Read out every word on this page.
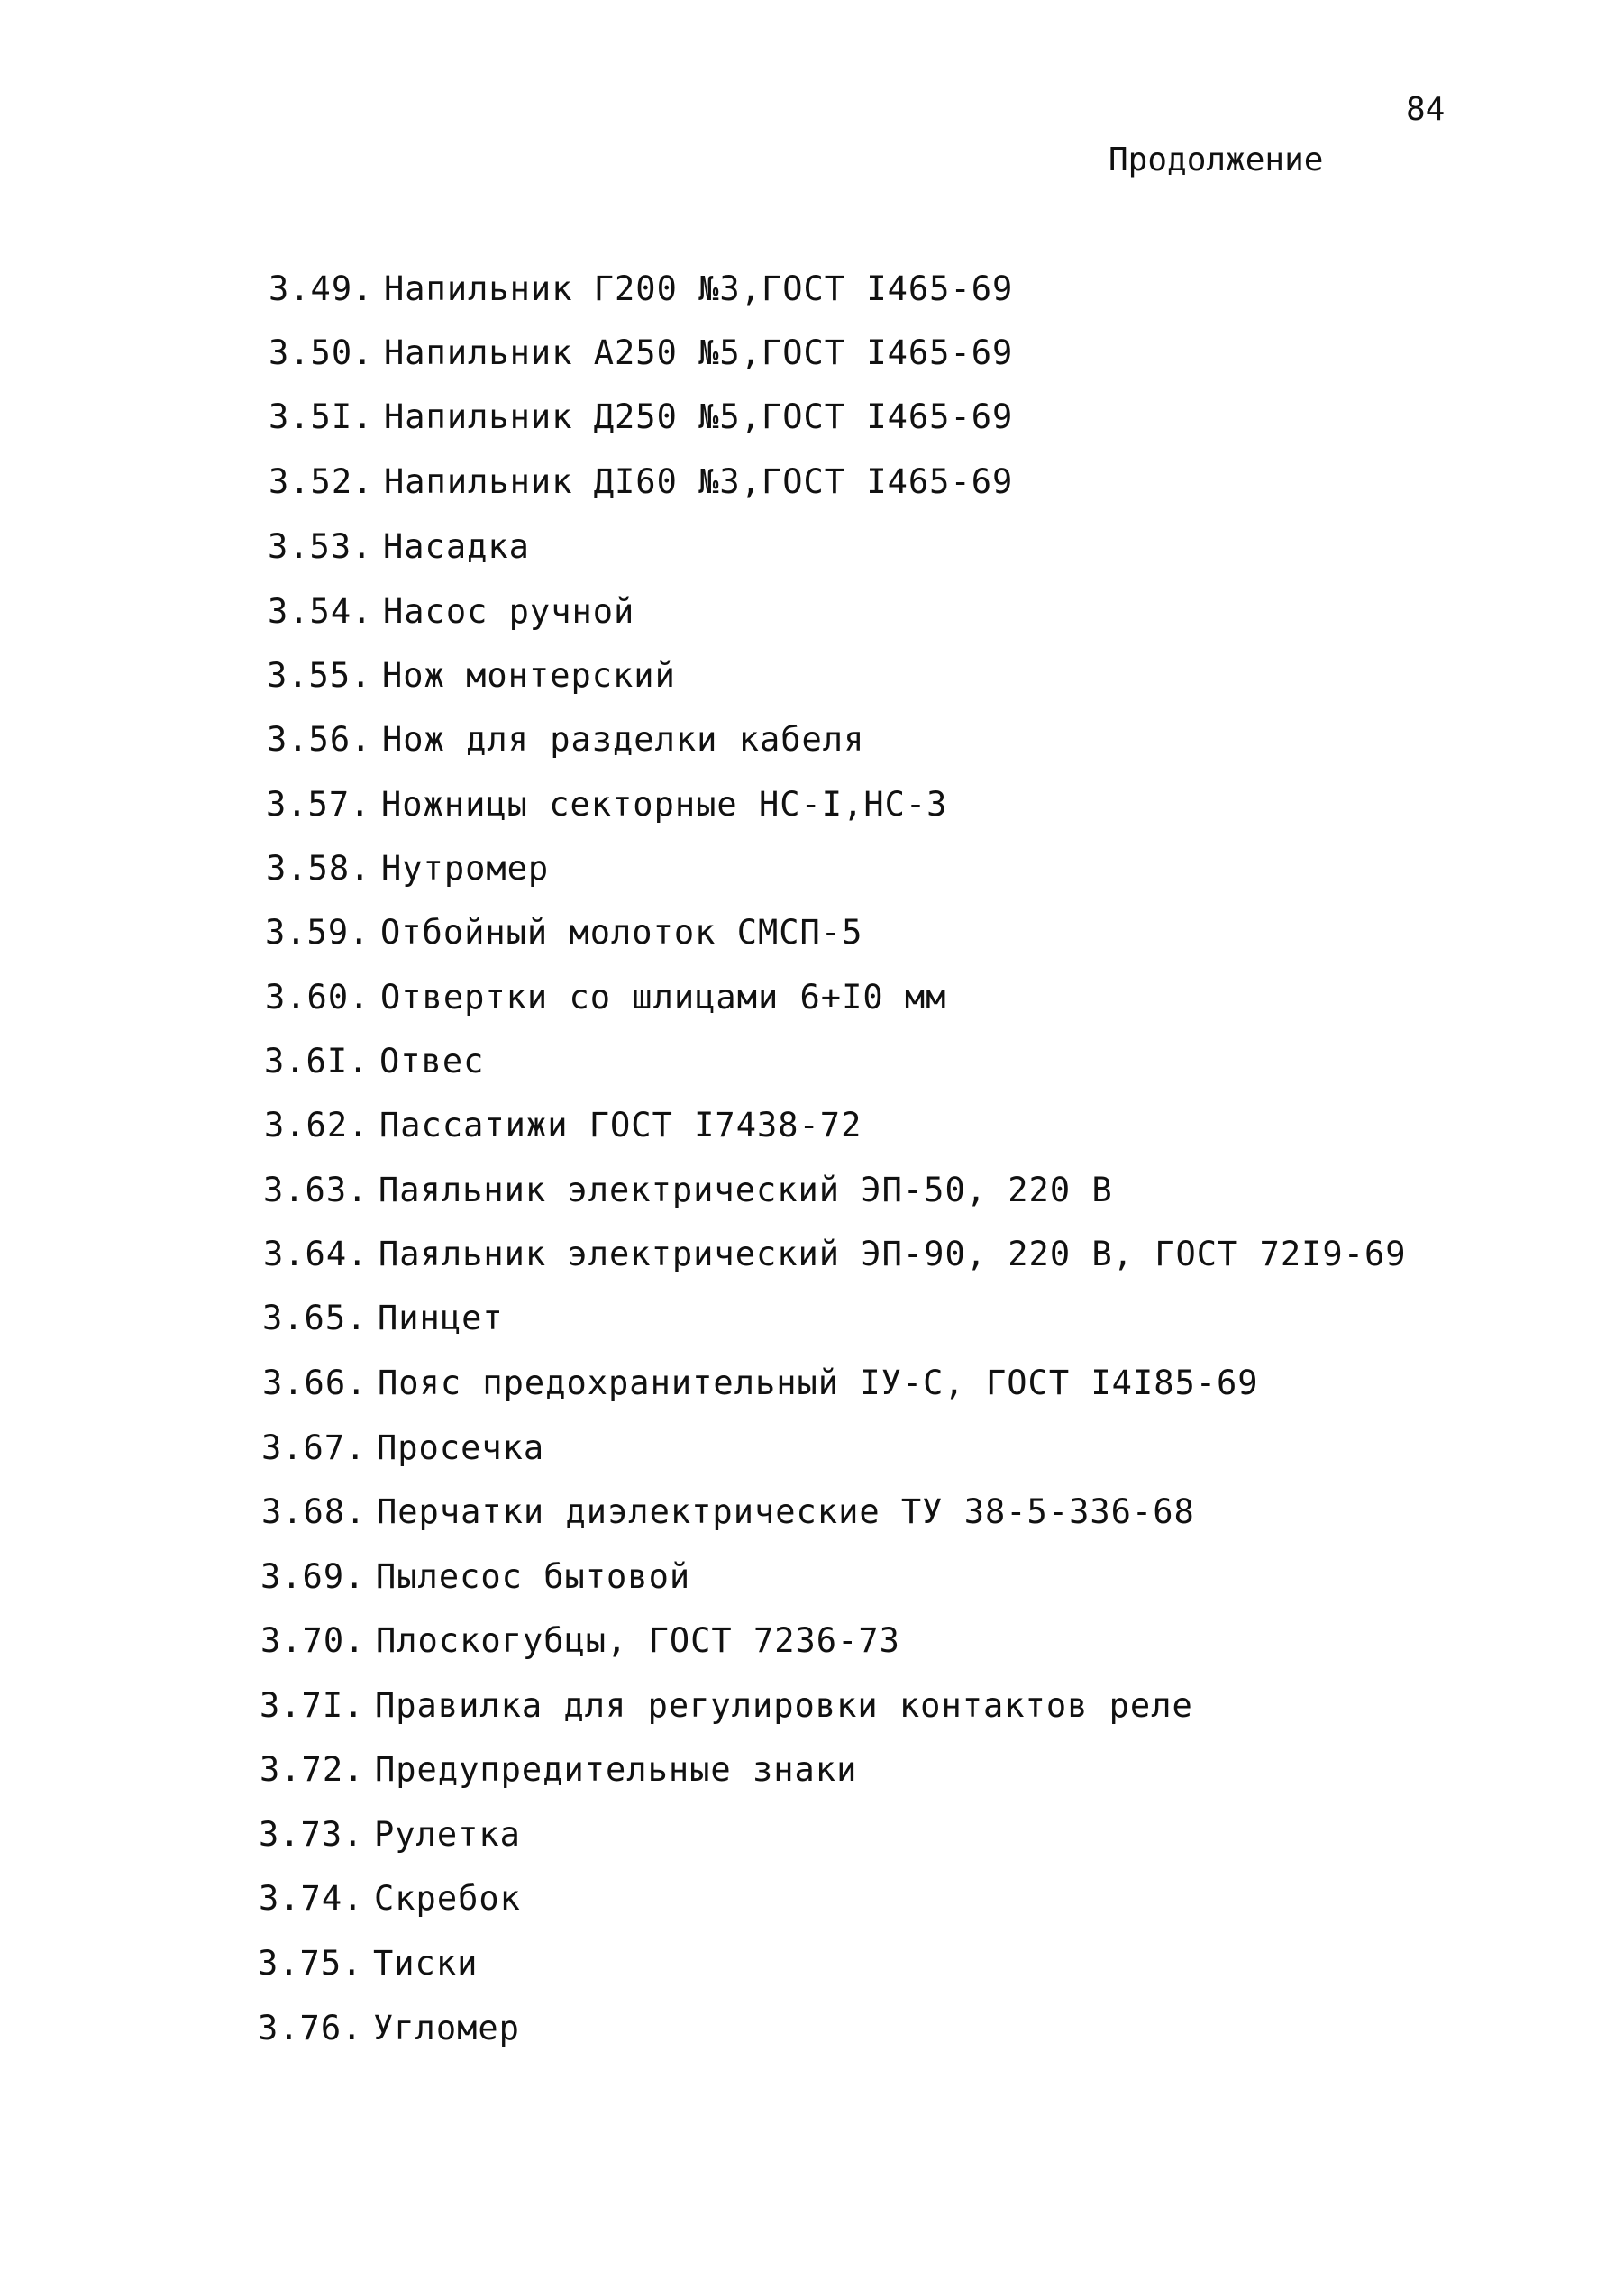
84
Продолжение
3.49. Напильник Г200 №3,ГОСТ I465-69
3.50. Напильник А250 №5,ГОСТ I465-69
3.5I. Напильник Д250 №5,ГОСТ I465-69
3.52. Напильник ДI60 №3,ГОСТ I465-69
3.53. Насадка
3.54. Насос ручной
3.55. Нож монтерский
3.56. Нож для разделки кабеля
3.57. Ножницы секторные НС-I,НС-3
3.58. Нутромер
3.59. Отбойный молоток СМСП-5
3.60. Отвертки со шлицами 6+I0 мм
3.6I. Отвес
3.62. Пассатижи ГОСТ I7438-72
3.63. Паяльник электрический ЭП-50, 220 В
3.64. Паяльник электрический ЭП-90, 220 В, ГОСТ 72I9-69
3.65. Пинцет
3.66. Пояс предохранительный IУ-С, ГОСТ I4I85-69
3.67. Просечка
3.68. Перчатки диэлектрические ТУ 38-5-336-68
3.69. Пылесос бытовой
3.70. Плоскогубцы, ГОСТ 7236-73
3.7I. Правилка для регулировки контактов реле
3.72. Предупредительные знаки
3.73. Рулетка
3.74. Скребок
3.75. Тиски
3.76. Угломер
